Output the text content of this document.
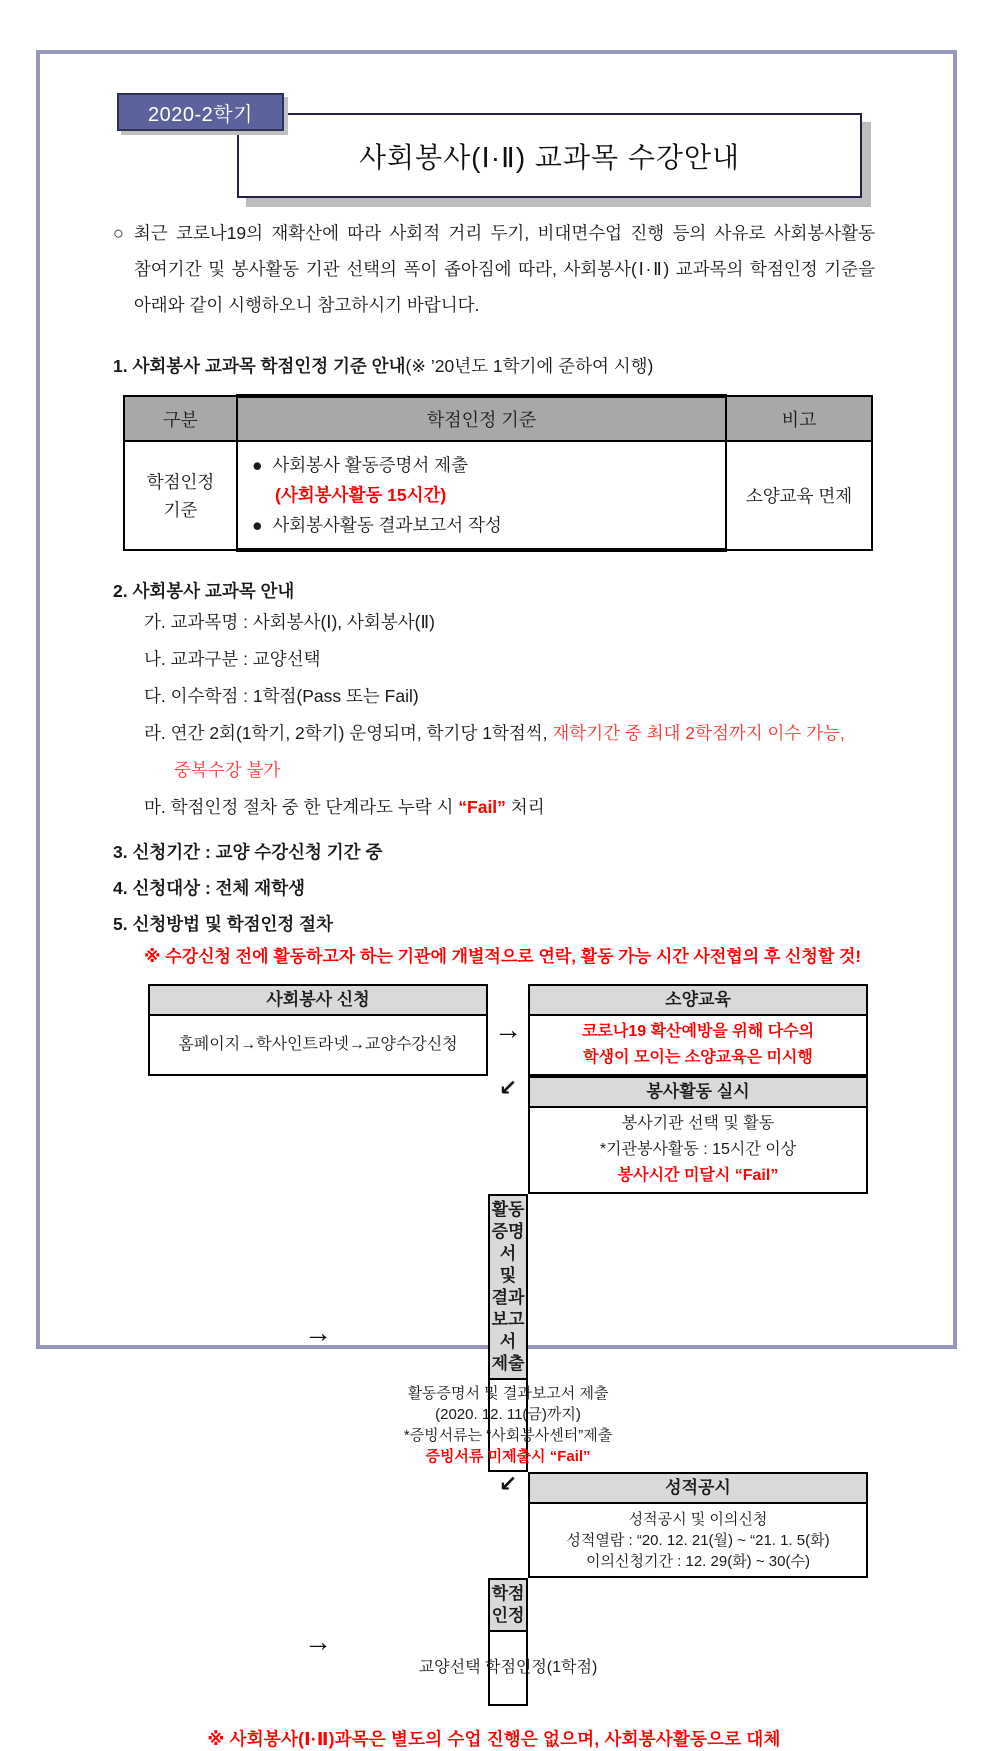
2020-2학기
사회봉사(Ⅰ·Ⅱ) 교과목 수강안내
○ 최근 코로나19의 재확산에 따라 사회적 거리 두기, 비대면수업 진행 등의 사유로 사회봉사활동 참여기간 및 봉사활동 기관 선택의 폭이 좁아짐에 따라, 사회봉사(Ⅰ·Ⅱ) 교과목의 학점인정 기준을 아래와 같이 시행하오니 참고하시기 바랍니다.
1. 사회봉사 교과목 학점인정 기준 안내(※ ’20년도 1학기에 준하여 시행)
구분	학점인정 기준	비고
학점인정 기준	● 사회봉사 활동증명서 제출
(사회봉사활동 15시간)
● 사회봉사활동 결과보고서 작성	소양교육 면제
2. 사회봉사 교과목 안내
가. 교과목명 : 사회봉사(Ⅰ), 사회봉사(Ⅱ)
나. 교과구분 : 교양선택
다. 이수학점 : 1학점(Pass 또는 Fail)
라. 연간 2회(1학기, 2학기) 운영되며, 학기당 1학점씩, 재학기간 중 최대 2학점까지 이수 가능, 중복수강 불가
마. 학점인정 절차 중 한 단계라도 누락 시 “Fail” 처리
3. 신청기간 : 교양 수강신청 기간 중
4. 신청대상 : 전체 재학생
5. 신청방법 및 학점인정 절차
※ 수강신청 전에 활동하고자 하는 기관에 개별적으로 연락, 활동 가능 시간 사전협의 후 신청할 것!
사회봉사 신청
홈페이지→학사인트라넷→교양수강신청 →
소양교육
코로나19 확산예방을 위해 다수의
학생이 모이는 소양교육은 미시행
↙	봉사활동 실시
봉사기관 선택 및 활동
*기관봉사활동 : 15시간 이상
봉사시간 미달시 “Fail”
→
활동증명서 및 결과보고서 제출
활동증명서 및 결과보고서 제출
(2020. 12. 11(금)까지)
*증빙서류는 “사회봉사센터”제출
증빙서류 미제출시 “Fail”
↙	성적공시
성적공시 및 이의신청
성적열람 : “20. 12. 21(월) ~ “21. 1. 5(화)
이의신청기간 : 12. 29(화) ~ 30(수)
→
학점인정
교양선택 학점인정(1학점)
※ 사회봉사(Ⅰ·Ⅱ)과목은 별도의 수업 진행은 없으며, 사회봉사활동으로 대체
